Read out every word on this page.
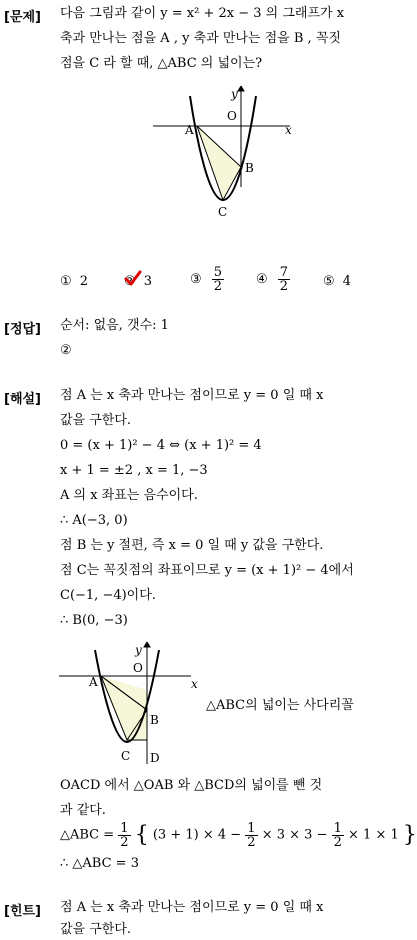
[문제] 다음 그림과 같이 y = x² + 2x − 3 의 그래프가 x
축과 만나는 점을 A , y 축과 만나는 점을 B , 꼭짓
점을 C 라 할 때, △ABC 의 넓이는?
y
x
O
A
B
C
① 2	② 3	③ $\frac{5}{2}$ ④ $\frac{7}{2}$	⑤ 4
[정답] 순서: 없음, 갯수: 1
②
[해설] 점 A 는 x 축과 만나는 점이므로 y = 0 일 때 x
값을 구한다.
0 = (x + 1)² − 4 ⇔ (x + 1)² = 4
x + 1 = ±2 , x = 1, −3
A 의 x 좌표는 음수이다.
∴ A(−3, 0)
점 B 는 y 절편, 즉 x = 0 일 때 y 값을 구한다.
점 C는 꼭짓점의 좌표이므로 y = (x + 1)² − 4에서
C(−1, −4)이다.
∴ B(0, −3)
y
x
O
A
B
C D
△ABC의 넓이는 사다리꼴
OACD 에서 △OAB 와 △BCD의 넓이를 뺀 것
과 같다.
△ABC = $\frac{1}{2}$ { $(3 + 1) \times 4 - \frac{1}{2} \times 3 \times 3 - \frac{1}{2} \times 1 \times 1$ }
∴ △ABC = 3
[힌트] 점 A 는 x 축과 만나는 점이므로 y = 0 일 때 x
값을 구한다.
